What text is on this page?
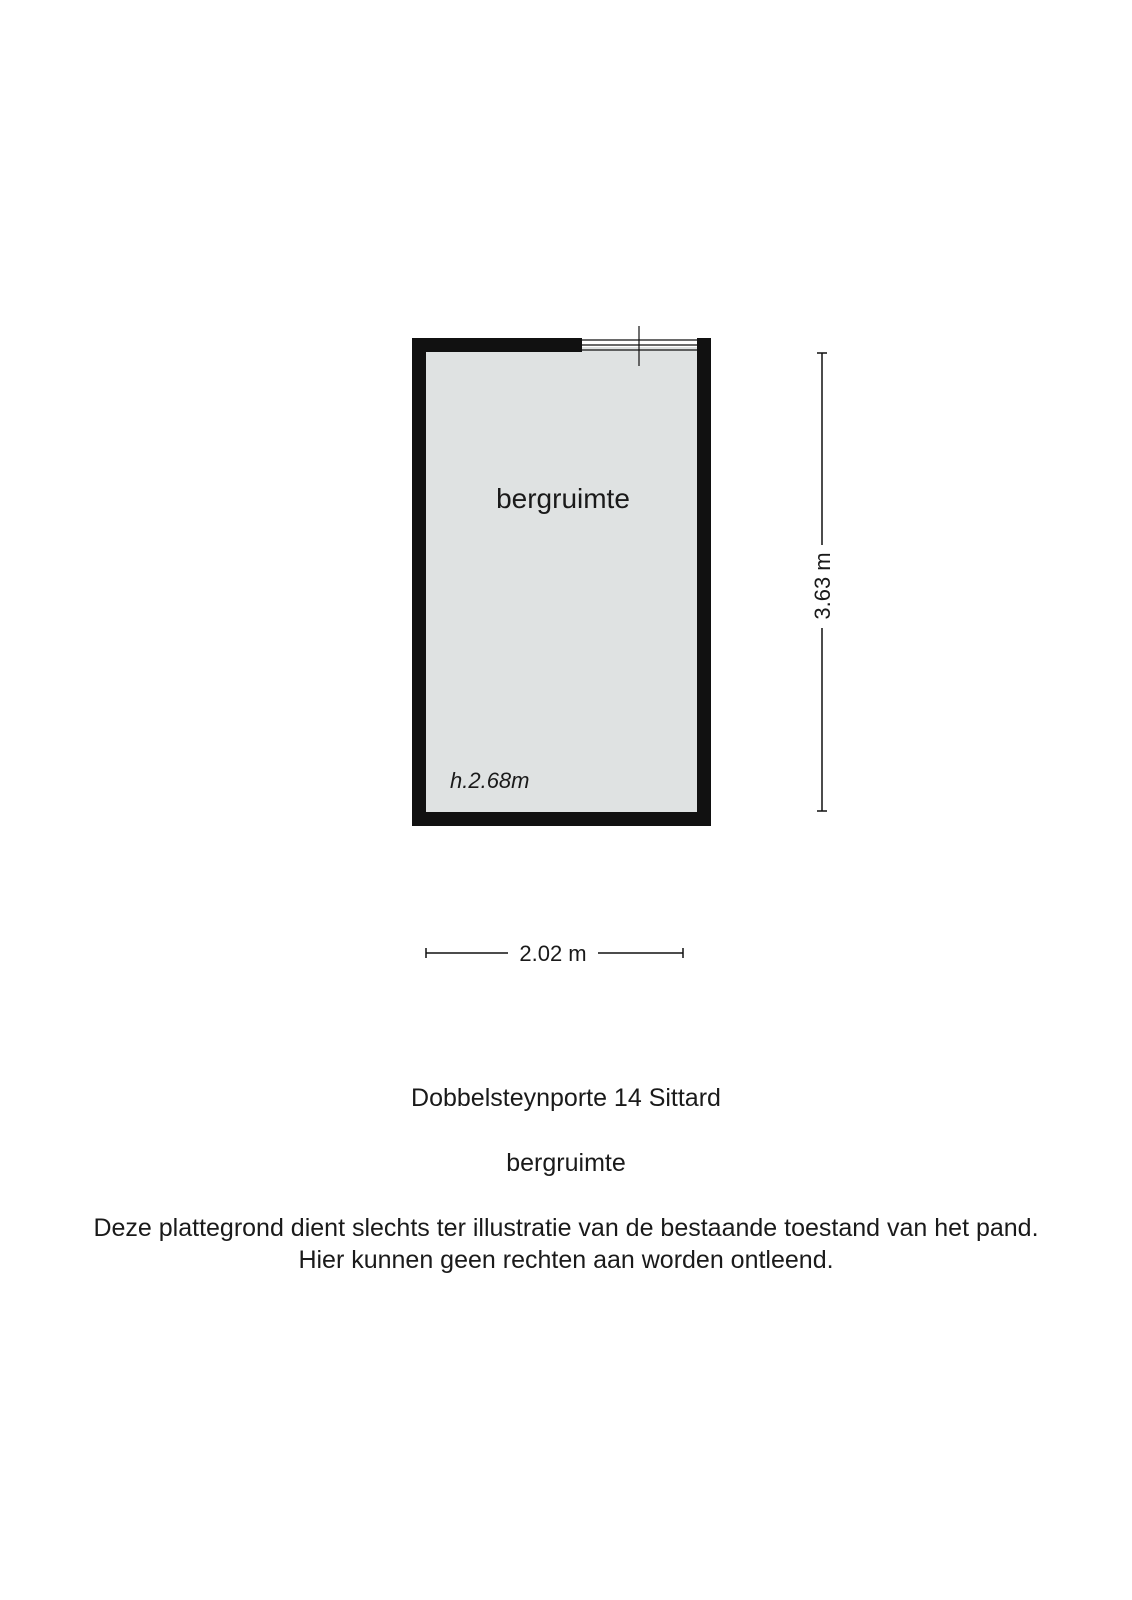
bergruimte
h.2.68m
3.63 m
2.02 m
Dobbelsteynporte 14 Sittard
bergruimte
Deze plattegrond dient slechts ter illustratie van de bestaande toestand van het pand.
Hier kunnen geen rechten aan worden ontleend.
